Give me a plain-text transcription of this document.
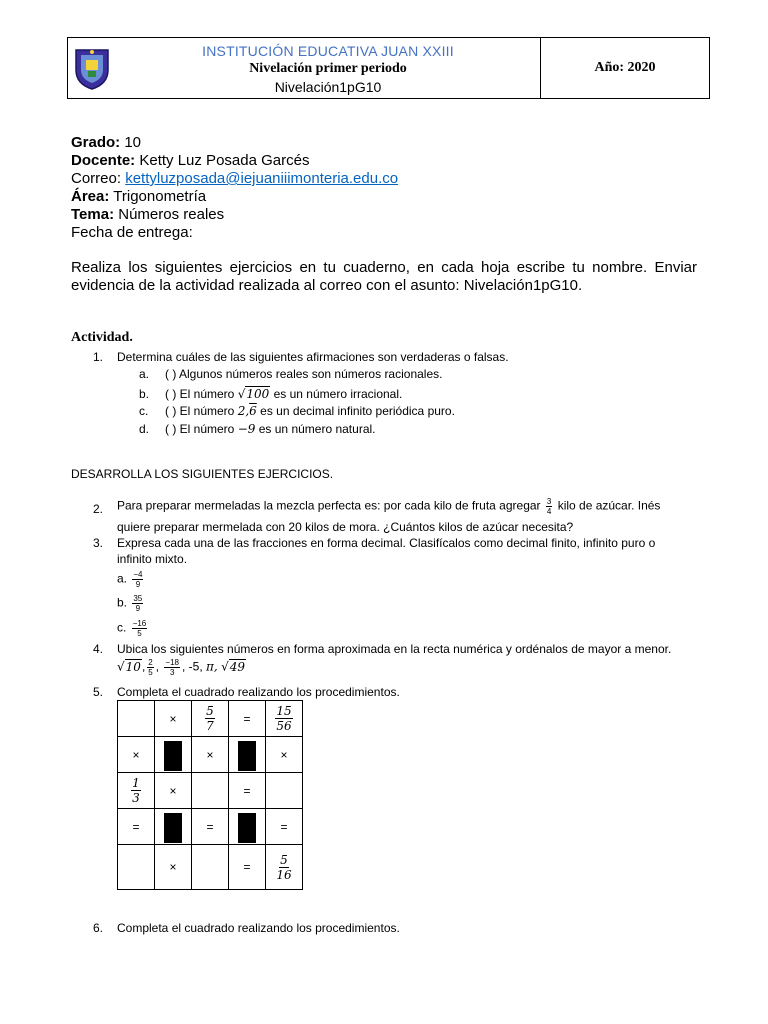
INSTITUCIÓN EDUCATIVA JUAN XXIII
Nivelación primer periodo
Nivelación1pG10
Año: 2020
Grado: 10
Docente: Ketty Luz Posada Garcés
Correo: kettyluzposada@iejuaniiimonteria.edu.co
Área: Trigonometría
Tema: Números reales
Fecha de entrega:
Realiza los siguientes ejercicios en tu cuaderno, en cada hoja escribe tu nombre. Enviar evidencia de la actividad realizada al correo con el asunto: Nivelación1pG10.
Actividad.
1. Determina cuáles de las siguientes afirmaciones son verdaderas o falsas.
a. ( ) Algunos números reales son números racionales.
b. ( ) El número √100 es un número irracional.
c. ( ) El número 2,6 es un decimal infinito periódica puro.
d. ( ) El número −9 es un número natural.
DESARROLLA LOS SIGUIENTES EJERCICIOS.
2. Para preparar mermeladas la mezcla perfecta es: por cada kilo de fruta agregar $\frac{3}{4}$ kilo de azúcar. Inés
quiere preparar mermelada con 20 kilos de mora. ¿Cuántos kilos de azúcar necesita?
3. Expresa cada una de las fracciones en forma decimal. Clasifícalos como decimal finito, infinito puro o
infinito mixto.
a. $\frac{-4}{9}$
b. $\frac{35}{9}$
c. $\frac{-16}{5}$
4. Ubica los siguientes números en forma aproximada en la recta numérica y ordénalos de mayor a menor.
√10, $\frac{2}{5}$ , $\frac{-18}{3}$ , -5, π, √49
5. Completa el cuadrado realizando los procedimientos.
	×	$\frac{5}{7}$	=	$\frac{15}{56}$

×		×		×

$\frac{1}{3}$	×		=	
=		=		=
	×		=	$\frac{5}{16}$
6. Completa el cuadrado realizando los procedimientos.
